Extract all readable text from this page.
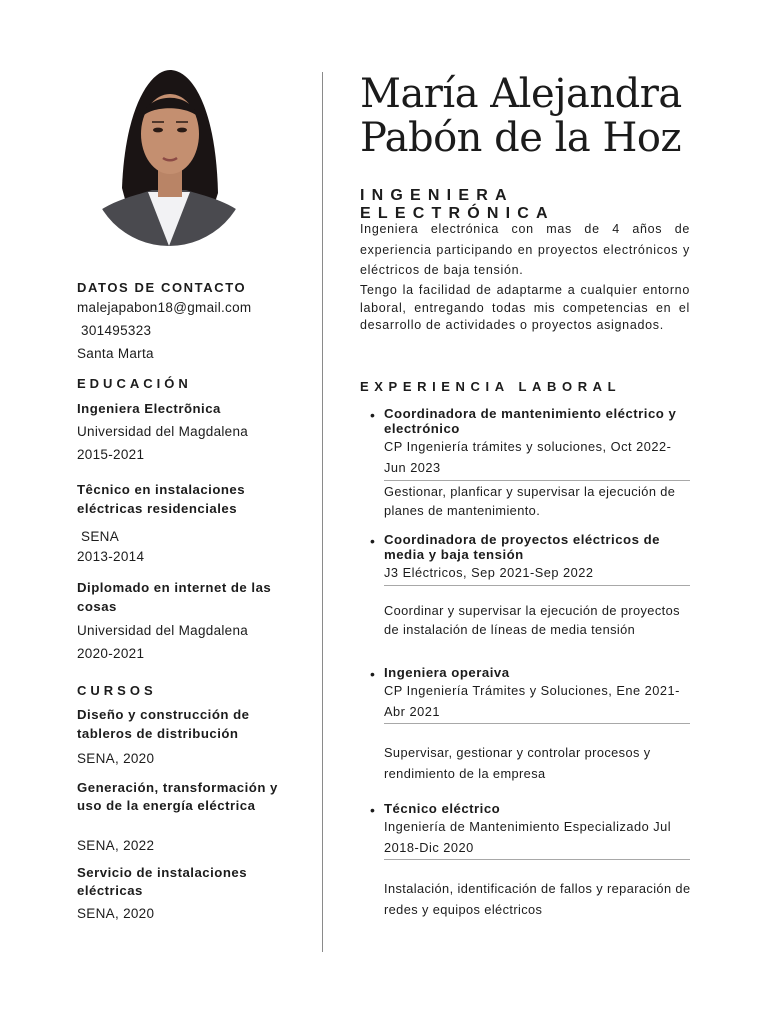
DATOS DE CONTACTO
malejapabon18@gmail.com
301495323
Santa Marta
EDUCACIÓN
Ingeniera Electrõnica
Universidad del Magdalena
2015-2021
Têcnico en instalaciones eléctricas residenciales
SENA
2013-2014
Diplomado en internet de las cosas
Universidad del Magdalena
2020-2021
CURSOS
Diseño y construcción de tableros de distribución
SENA, 2020
Generación, transformación y uso de la energía eléctrica
SENA, 2022
Servicio de instalaciones eléctricas
SENA, 2020
María Alejandra
Pabón de la Hoz
INGENIERA ELECTRÓNICA
Ingeniera electrónica con mas de 4 años de experiencia participando en proyectos electrónicos y eléctricos de baja tensión.
Tengo la facilidad de adaptarme a cualquier entorno laboral, entregando todas mis competencias en el desarrollo de actividades o proyectos asignados.
EXPERIENCIA LABORAL
• Coordinadora de mantenimiento eléctrico y electrónico
CP Ingeniería trámites y soluciones, Oct 2022-Jun 2023
Gestionar, planficar y supervisar la ejecución de planes de mantenimiento.
• Coordinadora de proyectos eléctricos de media y baja tensión
J3 Eléctricos, Sep 2021-Sep 2022
Coordinar y supervisar la ejecución de proyectos de instalación de líneas de media tensión
• Ingeniera operaiva
CP Ingeniería Trámites y Soluciones, Ene 2021-Abr 2021
Supervisar, gestionar y controlar procesos y rendimiento de la empresa
• Técnico eléctrico
Ingeniería de Mantenimiento Especializado Jul 2018-Dic 2020
Instalación, identificación de fallos y reparación de redes y equipos eléctricos
